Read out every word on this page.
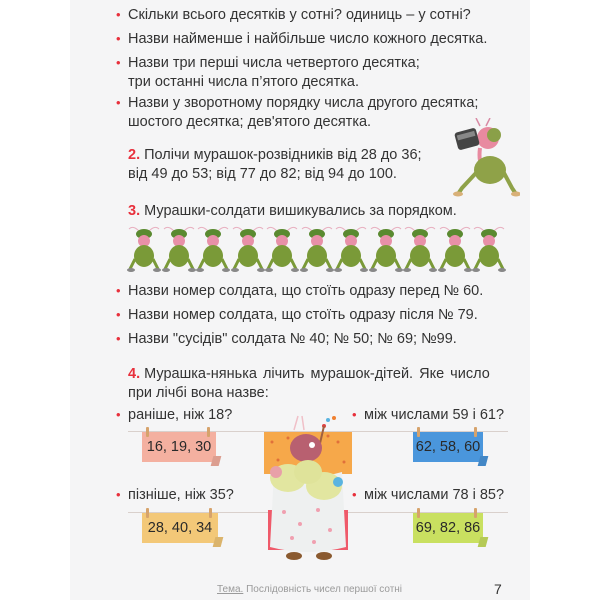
• Скільки всього десятків у сотні? одиниць – у сотні?
• Назви найменше і найбільше число кожного десятка.
• Назви три перші числа четвертого десятка;
три останні числа п’ятого десятка.
• Назви у зворотному порядку числа другого десятка;
шостого десятка; дев'ятого десятка.
2. Полічи мурашок-розвідників від 28 до 36;
від 49 до 53; від 77 до 82; від 94 до 100.
3. Мурашки-солдати вишикувались за порядком.
• Назви номер солдата, що стоїть одразу перед № 60.
• Назви номер солдата, що стоїть одразу після № 79.
• Назви "сусідів" солдата № 40; № 50; № 69; №99.
4. Мурашка-нянька лічить мурашок-дітей. Яке число
при лічбі вона назве:
• раніше, ніж 18?	• між числами 59 і 61?
• пізніше, ніж 35?	• між числами 78 і 85?
16, 19, 30	62, 58, 60
28, 40, 34	69, 82, 86
Тема. Послідовність чисел першої сотні	7
